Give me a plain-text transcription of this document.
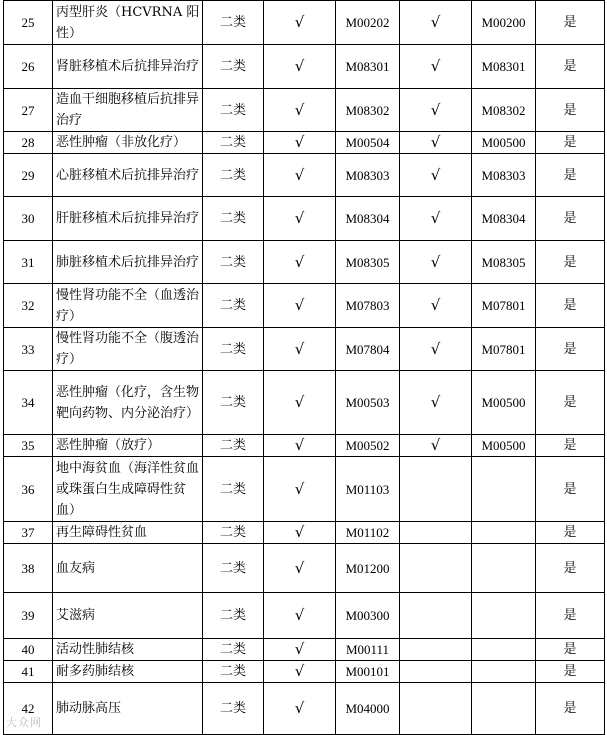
25	丙型肝炎（HCVRNA 阳性）	二类	√	M00202	√	M00200	是
26	肾脏移植术后抗排异治疗	二类	√	M08301	√	M08301	是
27	造血干细胞移植后抗排异治疗	二类	√	M08302	√	M08302	是
28	恶性肿瘤（非放化疗）	二类	√	M00504	√	M00500	是
29	心脏移植术后抗排异治疗	二类	√	M08303	√	M08303	是
30	肝脏移植术后抗排异治疗	二类	√	M08304	√	M08304	是
31	肺脏移植术后抗排异治疗	二类	√	M08305	√	M08305	是
32	慢性肾功能不全（血透治疗）	二类	√	M07803	√	M07801	是
33	慢性肾功能不全（腹透治疗）	二类	√	M07804	√	M07801	是
34	恶性肿瘤（化疗，含生物靶向药物、内分泌治疗）	二类	√	M00503	√	M00500	是
35	恶性肿瘤（放疗）	二类	√	M00502	√	M00500	是
36	地中海贫血（海洋性贫血或珠蛋白生成障碍性贫血）	二类	√	M01103			是
37	再生障碍性贫血	二类	√	M01102			是
38	血友病	二类	√	M01200			是
39	艾滋病	二类	√	M00300			是
40	活动性肺结核	二类	√	M00111			是
41	耐多药肺结核	二类	√	M00101			是
42	肺动脉高压	二类	√	M04000			是
大众网
